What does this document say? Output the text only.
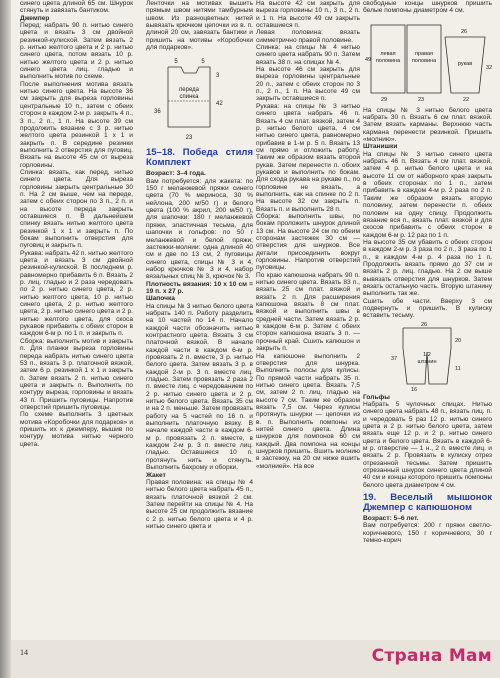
синего цвета длиной 65 см. Шнурок стянуть и завязать бантиком.

Джемпер

Перед: набрать 90 п. нитью синего цвета и вязать 3 см двойной резинкой-кулиской. Затем вязать 2 р. нитью желтого цвета и 2 р. нитью синего цвета, потом вязать 10 р. нитью желтого цвета и 2 р. нитью синего цвета лиц. гладью и выполнить мотив по схеме.

После выполнения мотива вязать нитью синего цвета. На высоте 36 см закрыть для выреза горловины центральные 10 п., затем с обеих сторон в каждом 2-м р. закрыть 4 п., 3 п., 2 п., 1 п. На высоте 39 см продолжить вязание с 3 р. нитью желтого цвета резинкой 1 х 1 и закрыть п. В середине резинки выполнить 2 отверстия для пуговиц. Вязать на высоте 45 см от выреза горловины.

Спинка: вязать, как перед, нитью синего цвета. Для выреза горловины закрыть центральные 30 п. На 2 см выше, чем на переде, затем с обеих сторон по 3 п., 2 п. и на высоте переда закрыть оставшиеся п. В дальнейшем спинку вязать нитью желтого цвета резинкой 1 х 1 и закрыть п. По бокам выполнить отверстия для пуговиц и закрыть п.

Рукава: набрать 42 п. нитью желтого цвета и вязать 3 см двойной резинкой-кулиской. В последнем р. равномерно прибавить 6 п. Вязать 2 р. лиц. гладью и 2 раза чередовать по 2 р. нитью синего цвета, 2 р. нитью желтого цвета, 10 р. нитью синего цвета, 2 р. нитью желтого цвета, 2 р. нитью синего цвета и 2 р. нитью желтого цвета, для скоса рукавов прибавить с обеих сторон в каждом 6-м р. по 1 п. и закрыть п.

Сборка: выполнить мотив и закрыть п. Для планки выреза горловины переда набрать нитью синего цвета 53 п., вязать 3 р. платочной вязкой, затем 6 р. резинкой 1 х 1 и закрыть п. Затем вязать 2 п. нитью синего цвета и закрыть п. Выполнить по контуру выреза, горловины и вязать 43 п. Пришить пуговицы. Напротив отверстий пришить пуговицы.

По схеме выполнить 3 цветных мотива «Коробочки для подарков» и пришить их к джемперу, вышив по контуру мотива нитью черного цвета.

Ленточки на мотивах вышить прямым швом нитями тамбурным швом. Из разноцветных нитей вывязать крючком цепочки из в. п. длиной 20 см, завязать бантики и пришить на мотивы «Коробочки для подарков».

переда
спинка
23
5	5
3
36
42
15–18. Победа стиля Комплект

Возраст: 3–4 года.

Вам потребуется: для жакета: по 150 г меланжевой пряжи синего цвета (70 % мериноса, 30 % нейлона, 200 м/50 г) и белого цвета (100 % акрил, 200 м/50 г), для шапочки: 180 г меланжевой пряжи, эластичная тесьма, для шапочки и гольфов: по 50 г меланжевой и белой пряжи; застежки-молнии: одна длиной 40 см и две по 13 см, 2 пуговицы синего цвета, спицы № 3 и 4, набор крючков № 3 и 4, набор вязальных спиц № 3, крючок № 3.

Плотность вязания: 10 х 10 см = 19 п. х 27 р.

Шапочка

На спицы № 3 нитью белого цвета набрать 140 п. Работу разделить на 10 частей по 14 п. Начало каждой части обозначить нитью контрастного цвета. Вязать 3 см платочной вязкой. В начале каждой части в каждом 6-м р. провязать 2 п. вместе, 3 р. нитью белого цвета. Затем вязать 3 р. в каждой 2-м р. 3 п. вместе лиц. гладью. Затем провязать 2 раза 2 п. вместе лиц. с чередованием по 2 р. нитью синего цвета и 2 р. нитью белого цвета. Вязать 35 см и на 2 п. меньше. Затем провязать работу на 5 частей по 16 п. и выполнить платочную вязку. В начале каждой части в каждом 6-м р. провязать 2 п. вместе, в каждом 2-м р. 3 п. вместе лиц. гладью. Оставшиеся 10 п. протянуть нить и стянуть. Выполнить бахрому и оборки.

Жакет

Правая половина: на спицы № 4 нитью белого цвета набрать 45 п., вязать платочной вязкой 2 см. Затем перейти на спицы № 4. На высоте 25 см продолжить вязание с 2 р. нитью белого цвета и 4 р. нитью синего цвета и

На высоте 42 см закрыть для выреза горловины 10 п., 3 п., 2 п. и 1 п. На высоте 49 см закрыть оставшиеся п.

Левая половина: вязать симметрично правой половине.

Спинка: на спицы № 4 нитью синего цвета набрать 90 п. Затем вязать 38 п. на спицах № 4.

На высоте 46 см закрыть для выреза горловины центральные 20 п., затем с обеих сторон по 3 п., 2 п., 1 п. На высоте 49 см закрыть оставшиеся п.

Рукава: на спицы № 3 нитью синего цвета набрать 46 п. Вязать 4 см плат. вязкой, затем 4 р. нитью белого цвета, 4 см нитью синего цвета, равномерно прибавив в 1-м р. 5 п. Вязать 13 см прямо и отложить работу. Таким же образом вязать второй рукав. Затем перенести п. обоих рукавов и выполнить по бокам. Для схода рукава на рукаве п., по горловине не вязать, а выполнить, как на спинке по 2 п. На высоте 32 см закрыть п. Вязать п. и выполнить 28 п.

Сборка: выполнить швы, по бокам проложить шнурок длиной 13 см. На высоте 24 см по обеим сторонам застежек 30 см — отверстия для шнурков. Все детали присоединить вокруг горловины. Напротив отверстий пуговицы.

По краю капюшона набрать 90 п. нитью синего цвета. Вязать 83 п., вязать 25 см плат. вязкой и вязать 2 п. Для расширения капюшона вязать 8 см плат. вязкой и выполнить швы в средней части. Затем вязать 2 р. в каждом 6-м р. Затем с обеих сторон капюшона вязать 3 п. — прочный край. Сшить капюшон и закрыть п.

На капюшоне выполнить 2 отверстия для шнурка. Выполнить полосы для кулисы. По прямой части набрать 35 п. нитью синего цвета. Вязать 7,5 см, затем 2 п. лиц. гладью на высоте 7 см. Таким же образом вязать 7,5 см. Через кулисы протянуть шнурки — цепочки из в. п. Выполнить помпоны из нитей синего цвета. Длина шнурков для помпонов 60 см каждый. Два помпона на концы шнурков пришить. Вшить молнию в застежку, на 20 см ниже вшить «молнией». На все

свободные концы шнурков пришить белые помпоны диаметром 4 см.

левая
половина
правая
половина	рукав
49
29	23	22
26
32

На спицы № 3 нитью белого цвета набрать 30 п. Вязать 6 см плат. вязкой. Затем вязать карманы. Верхнюю часть кармана перенести резинкой. Пришить «молнию».

Штанишки

На спицы № 3 нитью синего цвета набрать 46 п. Вязать 4 см плат. вязкой, затем 4 р. нитью белого цвета и на высоте 11 см от наборного края закрыть в обеих сторонах по 1 п., затем прибавить в каждом 4-м р. 2 раза по 2 п. Таким же образом вязать вторую половину, затем перенести п. обеих половин на одну спицу. Продолжить вязание вся п., вязать плат. вязкой и для скосов прибавить с обеих сторон в каждом 6-м р. 12 раз по 1 п.

На высоте 35 см убавить с обеих сторон в каждом 2-м р. 3 раза по 2 п., 3 раза по 1 п., в каждом 4-м р. 4 раза по 1 п. Продолжить вязать прямо до 37 см и вязать 2 р. лиц. гладью. На 2 см выше вывязать отверстия для шнурков. Затем вязать остальную часть. Вторую штанину выполнить так же.

Сшить обе части. Вверху 3 см подвернуть и пришить. В кулиску вставить тесьму.

1/2
штанин
26
37
11
16
20

Гольфы

Набрать 5 чулочных спицах. Нитью синего цвета набрать 48 п., вязать лиц. п. и чередовать 5 раз 12 р. нитью синего цвета и 2 р. нитью белого цвета, затем вязать еще 12 р. и 2 р. нитью синего цвета и белого цвета. Вязать в каждой 6-м р. отверстие — 1 н., 2 п. вместе лиц. и вязать 2 р. Провязать в кулиску отрез отрезанной тесьмы. Затем пришить отрезанный шнурок синего цвета длиной 40 см и концы которого пришить помпоны белого цвета диаметром 4 см.

19. Веселый мышонок Джемпер с капюшоном

Возраст: 5–6 лет.

Вам потребуется: 200 г пряжи светло-коричневого, 150 г коричневого, 30 г темно-корич

14	Страна Мам
